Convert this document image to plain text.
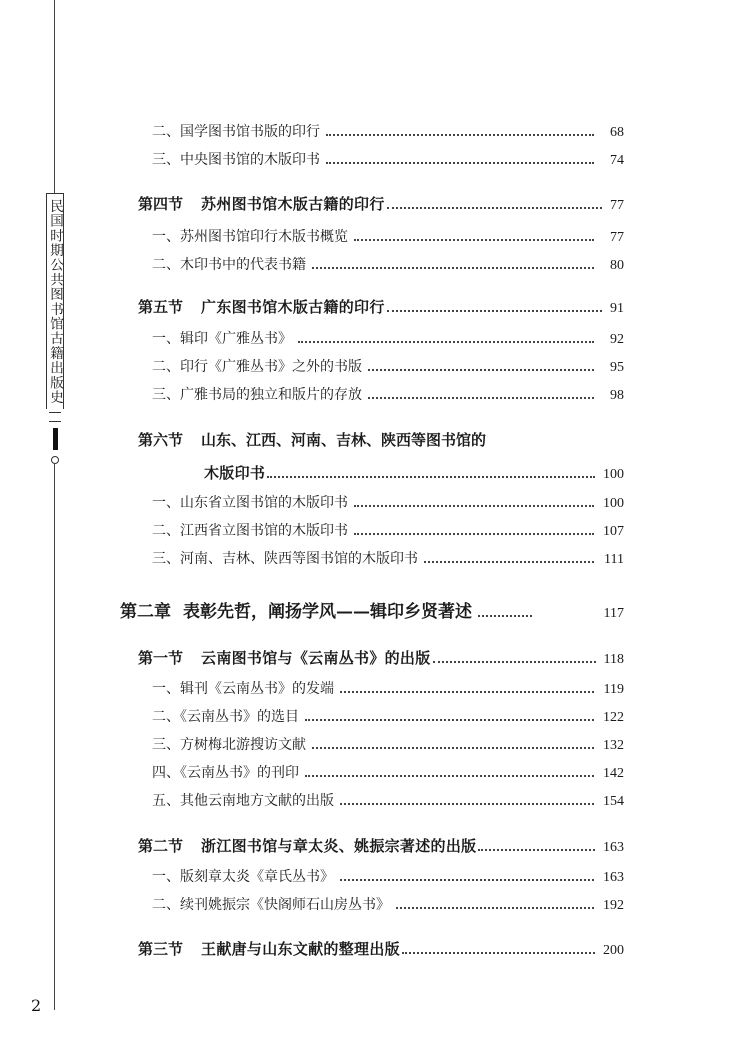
民国时期公共图书馆古籍出版史
二、国学图书馆书版的印行	68
三、中央图书馆的木版印书	74
第四节 苏州图书馆木版古籍的印行	77
一、苏州图书馆印行木版书概览	77
二、木印书中的代表书籍	80
第五节 广东图书馆木版古籍的印行	91
一、辑印《广雅丛书》	92
二、印行《广雅丛书》之外的书版	95
三、广雅书局的独立和版片的存放	98
第六节 山东、江西、河南、吉林、陕西等图书馆的
木版印书	100
一、山东省立图书馆的木版印书	100
二、江西省立图书馆的木版印书	107
三、河南、吉林、陕西等图书馆的木版印书	111
第二章 表彰先哲，阐扬学风——辑印乡贤著述	117
第一节 云南图书馆与《云南丛书》的出版	118
一、辑刊《云南丛书》的发端	119
二、《云南丛书》的选目	122
三、方树梅北游搜访文献	132
四、《云南丛书》的刊印	142
五、其他云南地方文献的出版	154
第二节 浙江图书馆与章太炎、姚振宗著述的出版	163
一、版刻章太炎《章氏丛书》	163
二、续刊姚振宗《快阁师石山房丛书》	192
第三节 王献唐与山东文献的整理出版	200
2
